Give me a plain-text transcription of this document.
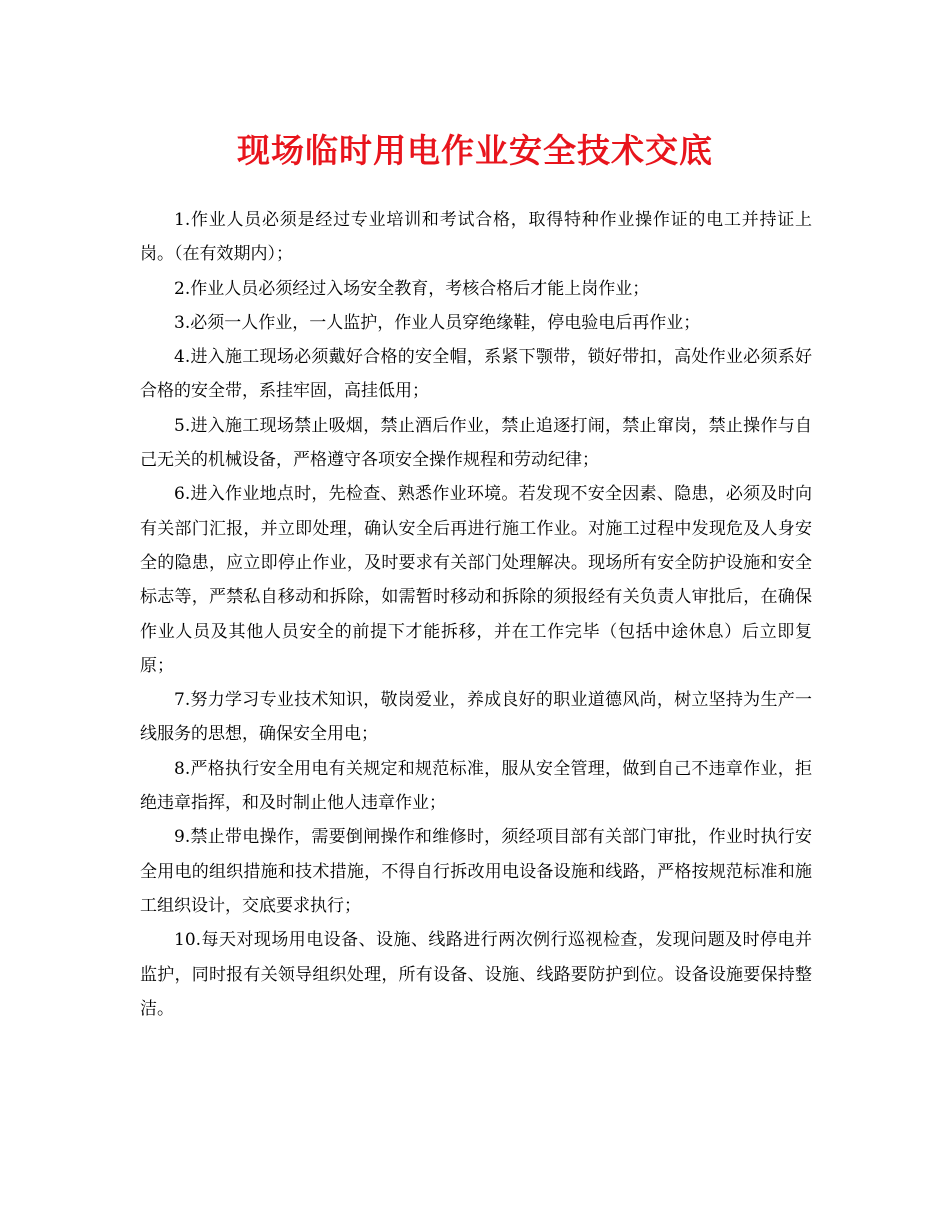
现场临时用电作业安全技术交底

1.作业人员必须是经过专业培训和考试合格，取得特种作业操作证的电工并持证上岗。（在有效期内）；

2.作业人员必须经过入场安全教育，考核合格后才能上岗作业；

3.必须一人作业，一人监护，作业人员穿绝缘鞋，停电验电后再作业；

4.进入施工现场必须戴好合格的安全帽，系紧下颚带，锁好带扣，高处作业必须系好合格的安全带，系挂牢固，高挂低用；

5.进入施工现场禁止吸烟，禁止酒后作业，禁止追逐打闹，禁止窜岗，禁止操作与自己无关的机械设备，严格遵守各项安全操作规程和劳动纪律；

6.进入作业地点时，先检查、熟悉作业环境。若发现不安全因素、隐患，必须及时向有关部门汇报，并立即处理，确认安全后再进行施工作业。对施工过程中发现危及人身安全的隐患，应立即停止作业，及时要求有关部门处理解决。现场所有安全防护设施和安全标志等，严禁私自移动和拆除，如需暂时移动和拆除的须报经有关负责人审批后，在确保作业人员及其他人员安全的前提下才能拆移，并在工作完毕（包括中途休息）后立即复原；

7.努力学习专业技术知识，敬岗爱业，养成良好的职业道德风尚，树立坚持为生产一线服务的思想，确保安全用电；

8.严格执行安全用电有关规定和规范标准，服从安全管理，做到自己不违章作业，拒绝违章指挥，和及时制止他人违章作业；

9.禁止带电操作，需要倒闸操作和维修时，须经项目部有关部门审批，作业时执行安全用电的组织措施和技术措施，不得自行拆改用电设备设施和线路，严格按规范标准和施工组织设计，交底要求执行；

10.每天对现场用电设备、设施、线路进行两次例行巡视检查，发现问题及时停电并监护，同时报有关领导组织处理，所有设备、设施、线路要防护到位。设备设施要保持整洁。
